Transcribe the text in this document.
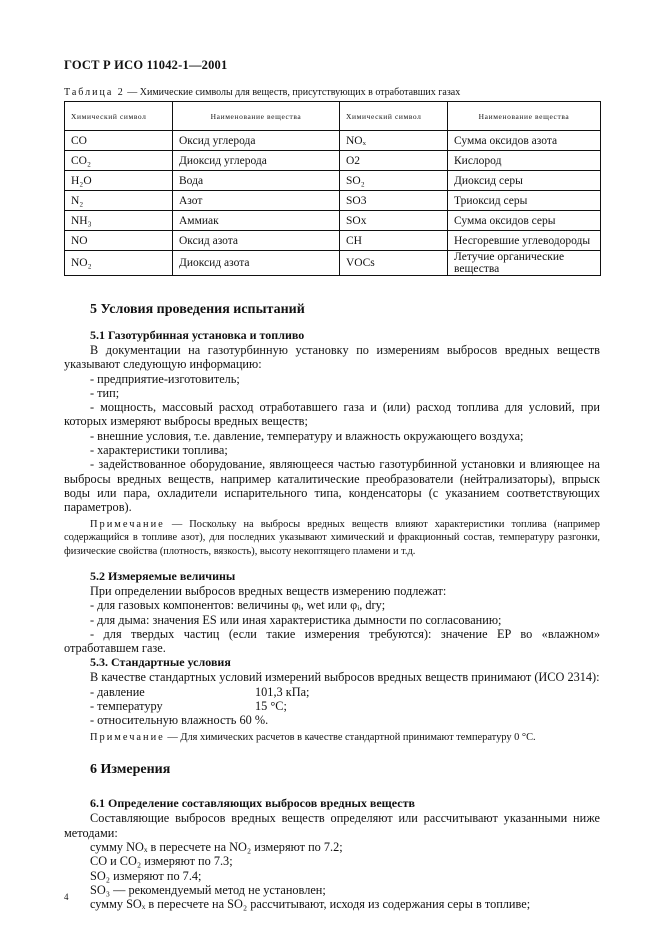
ГОСТ Р ИСО 11042-1—2001
Таблица 2 — Химические символы для веществ, присутствующих в отработавших газах
Химический символ	Наименование вещества	Химический символ	Наименование вещества
CO	Оксид углерода	NOₓ	Сумма оксидов азота
CO₂	Диоксид углерода	O2	Кислород
H₂O	Вода	SO₂	Диоксид серы
N₂	Азот	SO3	Триоксид серы
NH₃	Аммиак	SOx	Сумма оксидов серы
NO	Оксид азота	CH	Несгоревшие углеводороды
NO₂	Диоксид азота	VOCs	Летучие органические вещества
5 Условия проведения испытаний
5.1 Газотурбинная установка и топливо

В документации на газотурбинную установку по измерениям выбросов вредных веществ указывают следующую информацию:

- предприятие-изготовитель;

- тип;

- мощность, массовый расход отработавшего газа и (или) расход топлива для условий, при которых измеряют выбросы вредных веществ;

- внешние условия, т.е. давление, температуру и влажность окружающего воздуха;

- характеристики топлива;

- задействованное оборудование, являющееся частью газотурбинной установки и влияющее на выбросы вредных веществ, например каталитические преобразователи (нейтрализаторы), впрыск воды или пара, охладители испарительного типа, конденсаторы (с указанием соответствующих параметров).

Примечание — Поскольку на выбросы вредных веществ влияют характеристики топлива (например содержащийся в топливе азот), для последних указывают химический и фракционный состав, температуру разгонки, физические свойства (плотность, вязкость), высоту некоптящего пламени и т.д.

5.2 Измеряемые величины

При определении выбросов вредных веществ измерению подлежат:

- для газовых компонентов: величины φᵢ, wet или φᵢ, dry;

- для дыма: значения ES или иная характеристика дымности по согласованию;

- для твердых частиц (если такие измерения требуются): значение EP во «влажном» отработавшем газе.

5.3. Стандартные условия

В качестве стандартных условий измерений выбросов вредных веществ принимают (ИСО 2314):

- давление	101,3 кПа;

- температуру	15 °С;

- относительную влажность
60 %.

Примечание — Для химических расчетов в качестве стандартной принимают температуру 0 °С.

6 Измерения
6.1 Определение составляющих выбросов вредных веществ

Составляющие выбросов вредных веществ определяют или рассчитывают указанными ниже методами:

сумму NOₓ в пересчете на NO₂ измеряют по 7.2;

CO и CO₂ измеряют по 7.3;

SO₂ измеряют по 7.4;

SO₃ — рекомендуемый метод не установлен;

сумму SOₓ в пересчете на SO₂ рассчитывают, исходя из содержания серы в топливе;

4
